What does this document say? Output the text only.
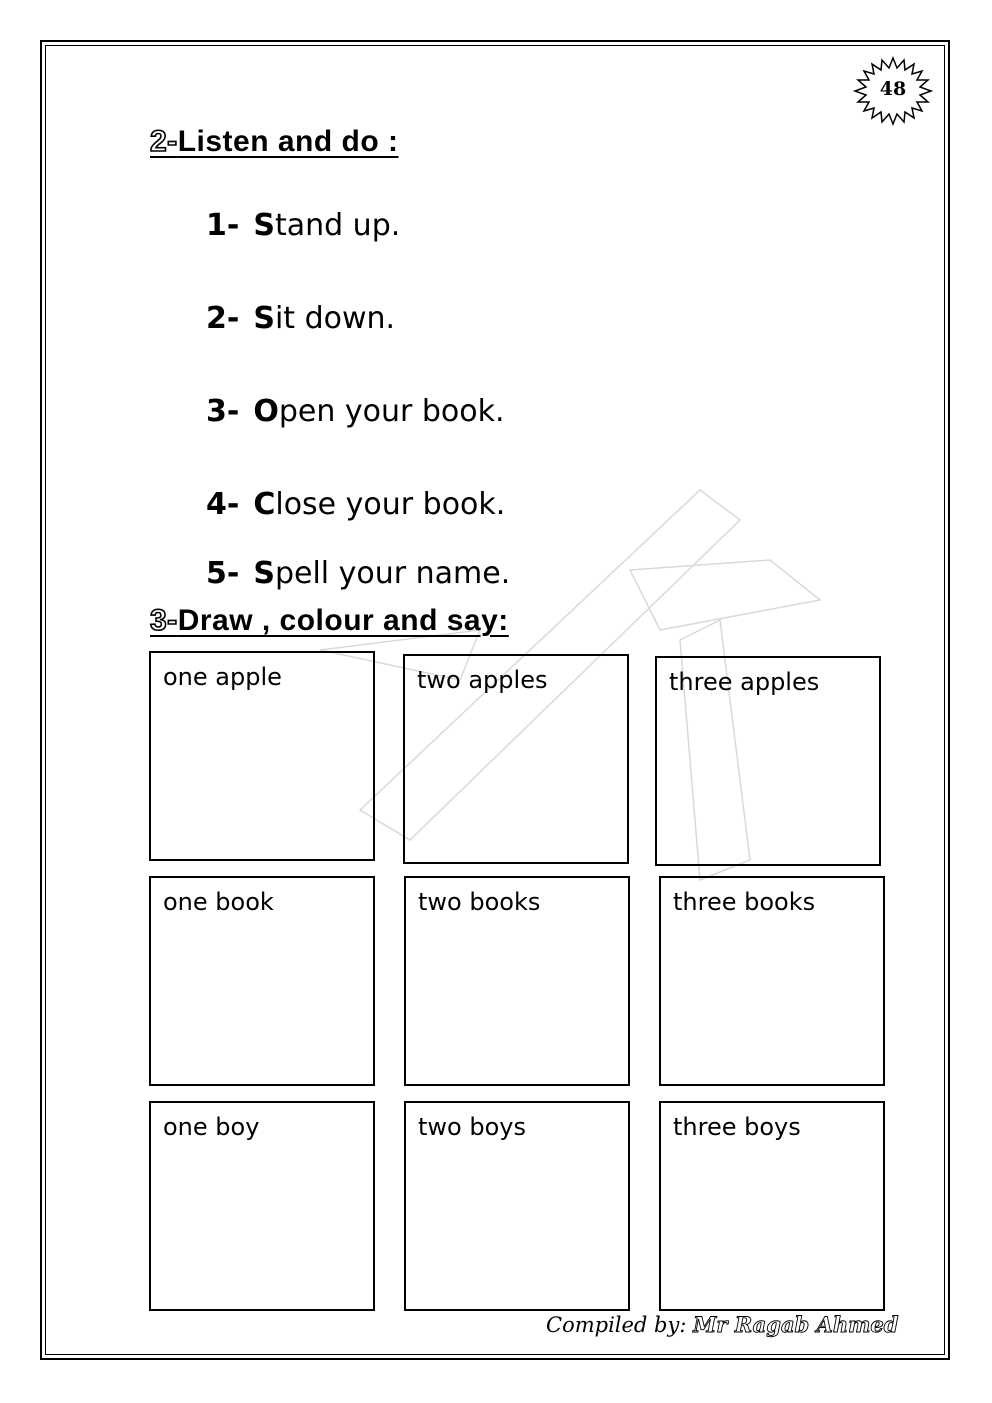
48
2-Listen and do :
1- Stand up.
2- Sit down.
3- Open your book.
4- Close your book.
5- Spell your name.
3-Draw , colour and say:
one apple	two apples	three apples
one book	two books	three books
one boy	two boys	three boys
Compiled by: Mr Ragab Ahmed
